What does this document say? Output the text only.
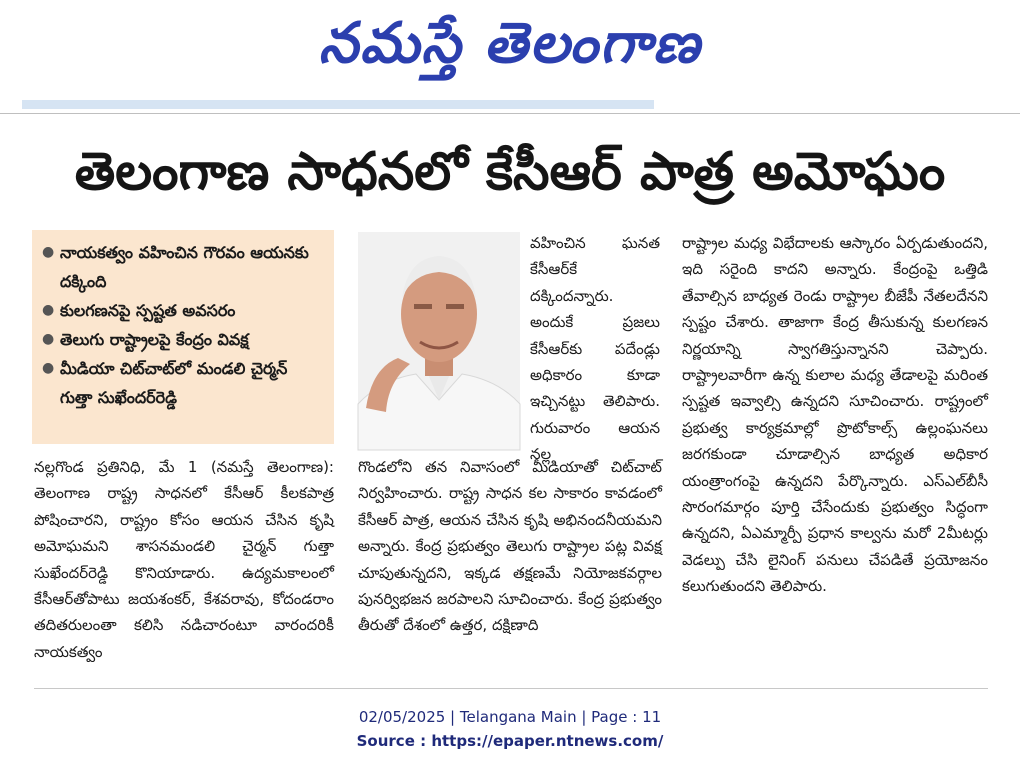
నమస్తే తెలంగాణ
తెలంగాణ సాధనలో కేసీఆర్ పాత్ర అమోఘం
● నాయకత్వం వహించిన గౌరవం ఆయనకు దక్కింది
● కులగణనపై స్పష్టత అవసరం
● తెలుగు రాష్ట్రాలపై కేంద్రం వివక్ష
● మీడియా చిట్‌చాట్‌లో మండలి చైర్మన్ గుత్తా సుఖేందర్‌రెడ్డి
నల్లగొండ ప్రతినిధి, మే 1 (నమస్తే తెలంగాణ): తెలంగాణ రాష్ట్ర సాధనలో కేసీఆర్ కీలకపాత్ర పోషించారని, రాష్ట్రం కోసం ఆయన చేసిన కృషి అమోఘమని శాసనమండలి చైర్మన్ గుత్తా సుఖేందర్‌రెడ్డి కొనియాడారు. ఉద్యమకాలంలో కేసీఆర్‌తోపాటు జయశంకర్, కేశవరావు, కోదండరాం తదితరులంతా కలిసి నడిచారంటూ వారందరికీ నాయకత్వం
వహించిన ఘనత కేసీఆర్‌కే దక్కిందన్నారు. అందుకే ప్రజలు కేసీఆర్‌కు పదేండ్లు అధికారం కూడా ఇచ్చినట్టు తెలిపారు. గురువారం ఆయన నల్ల
గొండలోని తన నివాసంలో మీడియాతో చిట్‌చాట్ నిర్వహించారు. రాష్ట్ర సాధన కల సాకారం కావడంలో కేసీఆర్ పాత్ర, ఆయన చేసిన కృషి అభినందనీయమని అన్నారు. కేంద్ర ప్రభుత్వం తెలుగు రాష్ట్రాల పట్ల వివక్ష చూపుతున్నదని, ఇక్కడ తక్షణమే నియోజకవర్గాల పునర్విభజన జరపాలని సూచించారు. కేంద్ర ప్రభుత్వం తీరుతో దేశంలో ఉత్తర, దక్షిణాది
రాష్ట్రాల మధ్య విభేదాలకు ఆస్కారం ఏర్పడుతుందని, ఇది సరైంది కాదని అన్నారు. కేంద్రంపై ఒత్తిడి తేవాల్సిన బాధ్యత రెండు రాష్ట్రాల బీజేపీ నేతలదేనని స్పష్టం చేశారు. తాజాగా కేంద్ర తీసుకున్న కులగణన నిర్ణయాన్ని స్వాగతిస్తున్నానని చెప్పారు. రాష్ట్రాలవారీగా ఉన్న కులాల మధ్య తేడాలపై మరింత స్పష్టత ఇవ్వాల్సి ఉన్నదని సూచించారు. రాష్ట్రంలో ప్రభుత్వ కార్యక్రమాల్లో ప్రొటోకాల్స్ ఉల్లంఘనలు జరగకుండా చూడాల్సిన బాధ్యత అధికార యంత్రాంగంపై ఉన్నదని పేర్కొన్నారు. ఎస్‌ఎల్‌బీసీ సొరంగమార్గం పూర్తి చేసేందుకు ప్రభుత్వం సిద్ధంగా ఉన్నదని, ఏఎమ్మార్పీ ప్రధాన కాల్వను మరో 2మీటర్లు వెడల్పు చేసి లైనింగ్ పనులు చేపడితే ప్రయోజనం కలుగుతుందని తెలిపారు.
02/05/2025 | Telangana Main | Page : 11
Source : https://epaper.ntnews.com/
